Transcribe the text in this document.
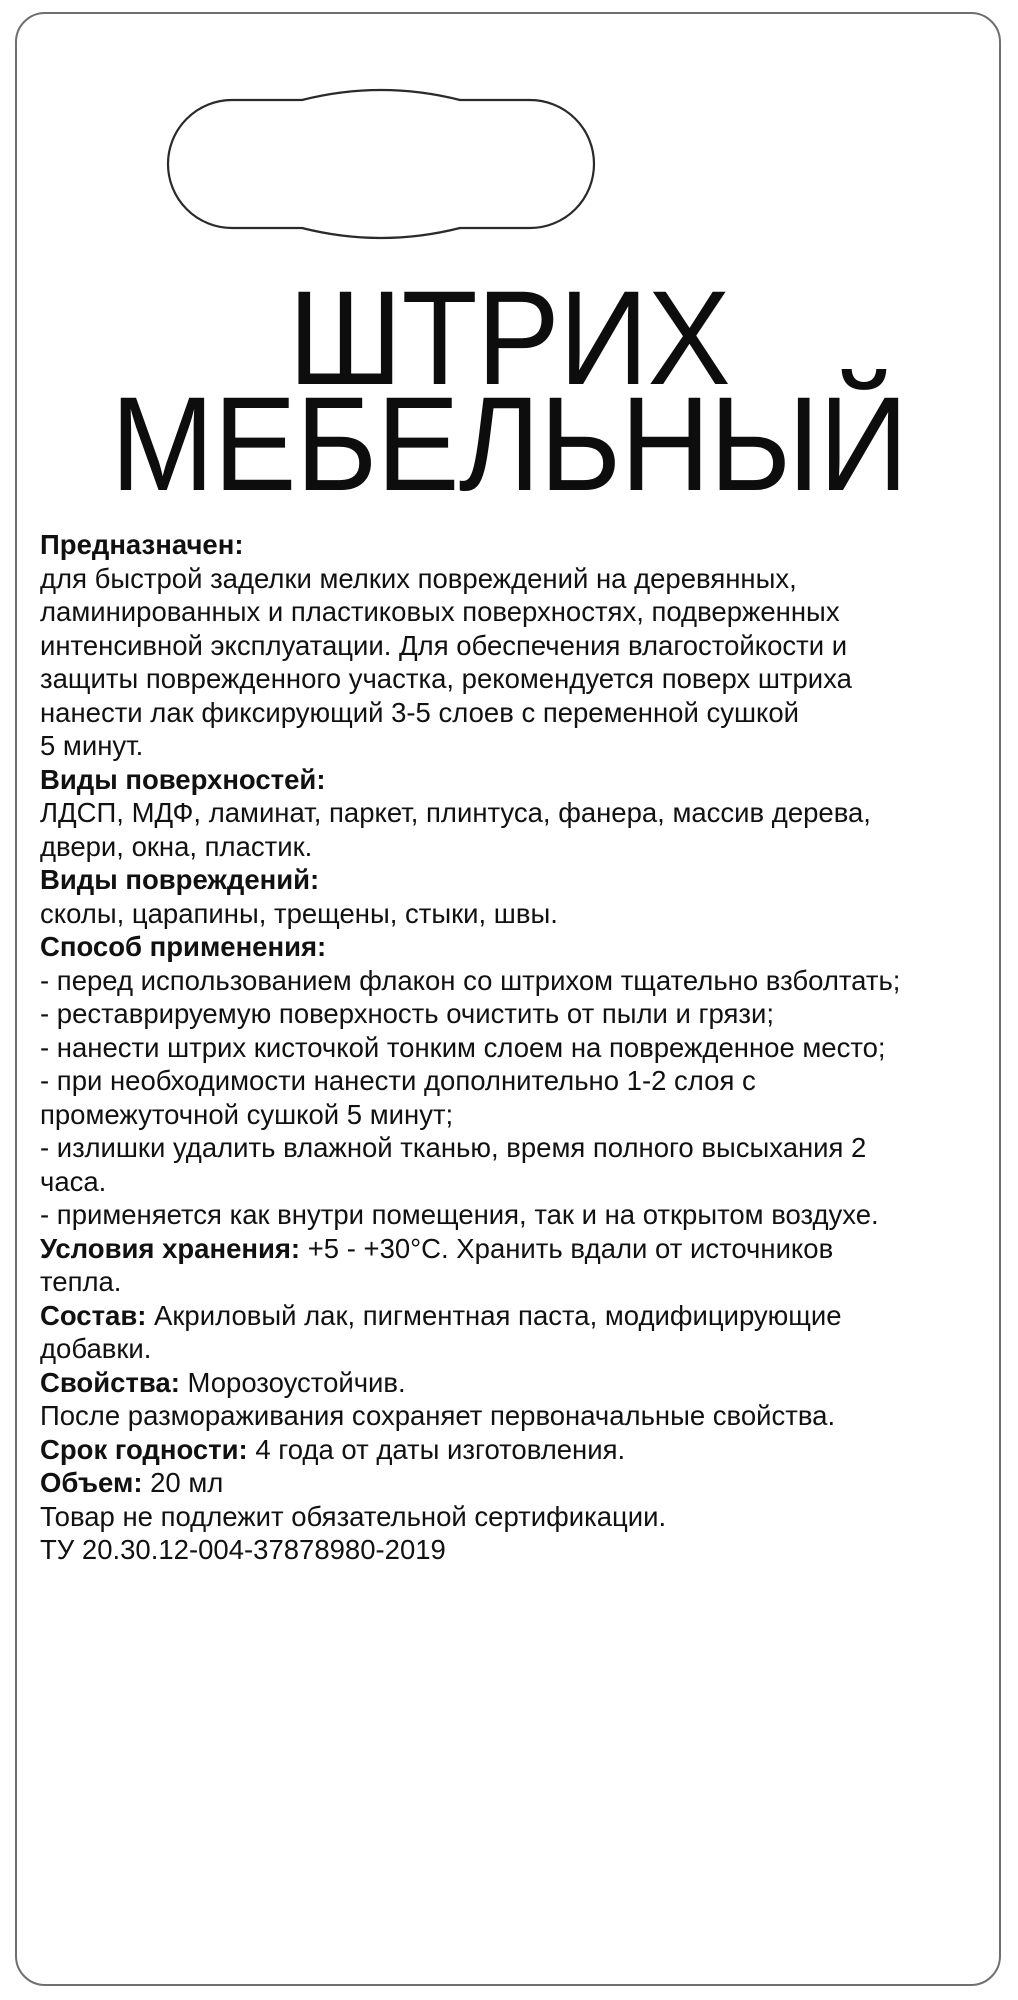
ШТРИХ
МЕБЕЛЬНЫЙ

Предназначен:

для быстрой заделки мелких повреждений на деревянных,

ламинированных и пластиковых поверхностях, подверженных

интенсивной эксплуатации. Для обеспечения влагостойкости и

защиты поврежденного участка, рекомендуется поверх штриха

нанести лак фиксирующий 3-5 слоев с переменной сушкой

5 минут.

Виды поверхностей:

ЛДСП, МДФ, ламинат, паркет, плинтуса, фанера, массив дерева,

двери, окна, пластик.

Виды повреждений:

сколы, царапины, трещены, стыки, швы.

Способ применения:

- перед использованием флакон со штрихом тщательно взболтать;

- реставрируемую поверхность очистить от пыли и грязи;

- нанести штрих кисточкой тонким слоем на поврежденное место;

- при необходимости нанести дополнительно 1-2 слоя с

промежуточной сушкой 5 минут;

- излишки удалить влажной тканью, время полного высыхания 2

часа.

- применяется как внутри помещения, так и на открытом воздухе.

Условия хранения: +5 - +30°С. Хранить вдали от источников

тепла.

Состав: Акриловый лак, пигментная паста, модифицирующие

добавки.

Свойства: Морозоустойчив.

После размораживания сохраняет первоначальные свойства.

Срок годности: 4 года от даты изготовления.

Объем: 20 мл

Товар не подлежит обязательной сертификации.

ТУ 20.30.12-004-37878980-2019
